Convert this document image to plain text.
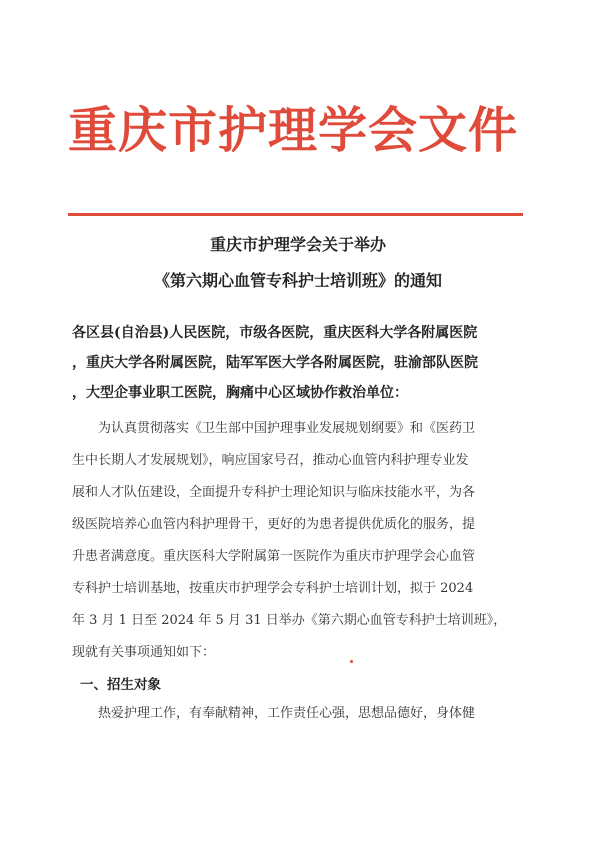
重庆市护理学会文件
重庆市护理学会关于举办
《第六期心血管专科护士培训班》的通知
各区县(自治县)人民医院，市级各医院，重庆医科大学各附属医院
，重庆大学各附属医院，陆军军医大学各附属医院，驻渝部队医院
，大型企事业职工医院，胸痛中心区域协作救治单位：
　　为认真贯彻落实《卫生部中国护理事业发展规划纲要》和《医药卫
生中长期人才发展规划》，响应国家号召，推动心血管内科护理专业发
展和人才队伍建设，全面提升专科护士理论知识与临床技能水平，为各
级医院培养心血管内科护理骨干，更好的为患者提供优质化的服务，提
升患者满意度。重庆医科大学附属第一医院作为重庆市护理学会心血管
专科护士培训基地，按重庆市护理学会专科护士培训计划，拟于 2024
年 3 月 1 日至 2024 年 5 月 31 日举办《第六期心血管专科护士培训班》，
现就有关事项通知如下：
一、招生对象
　　热爱护理工作，有奉献精神，工作责任心强，思想品德好，身体健
